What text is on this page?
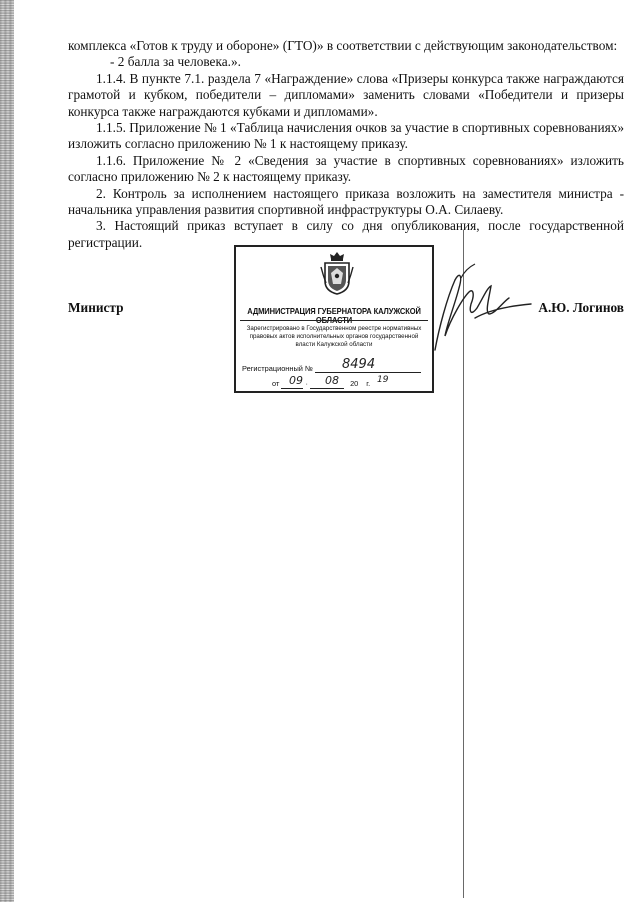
комплекса «Готов к труду и обороне» (ГТО)» в соответствии с действующим законодательством:

- 2 балла за человека.».

1.1.4. В пункте 7.1. раздела 7 «Награждение» слова «Призеры конкурса также награждаются грамотой и кубком, победители – дипломами» заменить словами «Победители и призеры конкурса также награждаются кубками и дипломами».

1.1.5. Приложение № 1 «Таблица начисления очков за участие в спортивных соревнованиях» изложить согласно приложению № 1 к настоящему приказу.

1.1.6. Приложение № 2 «Сведения за участие в спортивных соревнованиях» изложить согласно приложению № 2 к настоящему приказу.

2. Контроль за исполнением настоящего приказа возложить на заместителя министра - начальника управления развития спортивной инфраструктуры О.А. Силаеву.

3. Настоящий приказ вступает в силу со дня опубликования, после государственной регистрации.

Министр	А.Ю. Логинов
АДМИНИСТРАЦИЯ ГУБЕРНАТОРА КАЛУЖСКОЙ ОБЛАСТИ
Зарегистрировано в Государственном реестре нормативных правовых актов исполнительных органов государственной власти Калужской области
Регистрационный №	8494
от	·	20 г.
09 08	19
